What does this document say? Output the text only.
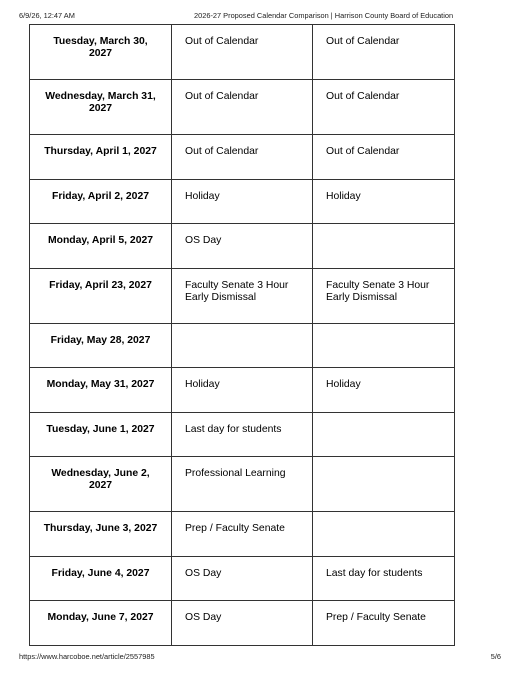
6/9/26, 12:47 AM	2026-27 Proposed Calendar Comparison | Harrison County Board of Education
Tuesday, March 30, 2027	Out of Calendar	Out of Calendar
Wednesday, March 31, 2027	Out of Calendar	Out of Calendar
Thursday, April 1, 2027	Out of Calendar	Out of Calendar
Friday, April 2, 2027	Holiday	Holiday
Monday, April 5, 2027	OS Day	
Friday, April 23, 2027	Faculty Senate 3 Hour Early Dismissal	Faculty Senate 3 Hour Early Dismissal
Friday, May 28, 2027		
Monday, May 31, 2027	Holiday	Holiday
Tuesday, June 1, 2027	Last day for students	
Wednesday, June 2, 2027	Professional Learning	
Thursday, June 3, 2027	Prep / Faculty Senate	
Friday, June 4, 2027	OS Day	Last day for students
Monday, June 7, 2027	OS Day	Prep / Faculty Senate
https://www.harcoboe.net/article/2557985	5/6
